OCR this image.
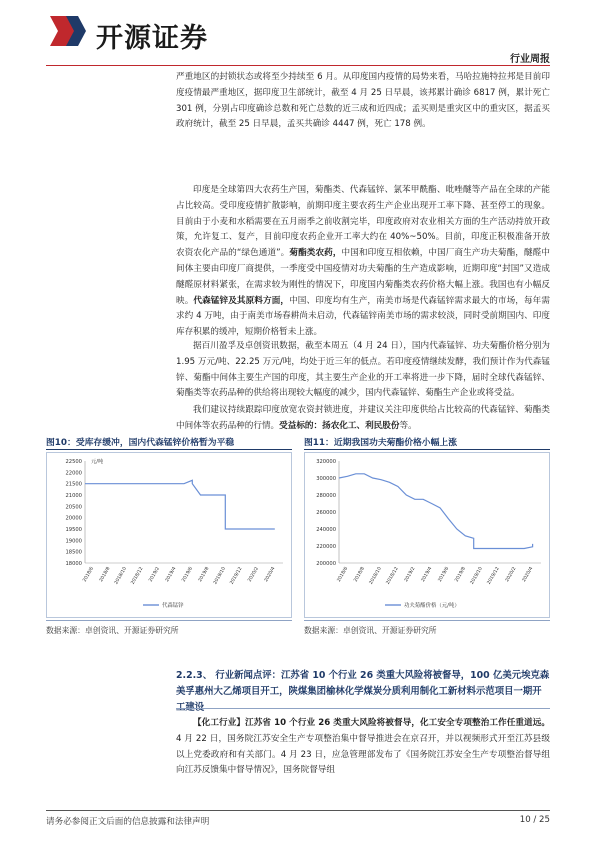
开源证券
行业周报

严重地区的封锁状态或将至少持续至 6 月。从印度国内疫情的局势来看，马哈拉施特拉邦是目前印度疫情最严重地区，据印度卫生部统计，截至 4 月 25 日早晨，该邦累计确诊 6817 例，累计死亡 301 例，分别占印度确诊总数和死亡总数的近三成和近四成；孟买则是重灾区中的重灾区，据孟买政府统计，截至 25 日早晨，孟买共确诊 4447 例，死亡 178 例。

印度是全球第四大农药生产国，菊酯类、代森锰锌、氯苯甲酰酯、吡唑醚等产品在全球的产能占比较高。受印度疫情扩散影响，前期印度主要农药生产企业出现开工率下降、甚至停工的现象。目前由于小麦和水稻需要在五月雨季之前收割完毕，印度政府对农业相关方面的生产活动持放开政策，允许复工、复产，目前印度农药企业开工率大约在 40%~50%。目前，印度正积极准备开放农资农化产品的“绿色通道”。菊酯类农药，中国和印度互相依赖，中国厂商生产功夫菊酯，醚醛中间体主要由印度厂商提供，一季度受中国疫情对功夫菊酯的生产造成影响，近期印度“封国”又造成醚醛原材料紧张，在需求较为刚性的情况下，印度国内菊酯类农药价格大幅上涨。我国也有小幅反映。代森锰锌及其原料方面，中国、印度均有生产，南美市场是代森锰锌需求最大的市场，每年需求约 4 万吨，由于南美市场春耕尚未启动，代森锰锌南美市场的需求较淡，同时受前期国内、印度库存积累的缓冲，短期价格暂未上涨。

据百川盈孚及卓创资讯数据，截至本周五（4 月 24 日），国内代森锰锌、功夫菊酯价格分别为 1.95 万元/吨、22.25 万元/吨，均处于近三年的低点。若印度疫情继续发酵，我们预计作为代森锰锌、菊酯中间体主要生产国的印度，其主要生产企业的开工率将进一步下降，届时全球代森锰锌、菊酯类等农药品种的供给将出现较大幅度的减少，国内代森锰锌、菊酯生产企业或将受益。

我们建议持续跟踪印度放宽农资封锁进度，并建议关注印度供给占比较高的代森锰锌、菊酯类中间体等农药品种的行情。受益标的：扬农化工、利民股份等。

图10：受库存缓冲，国内代森锰锌价格暂为平稳
18000
18500
19000
19500
20000
20500
21000
21500
22000
22500
2018/6 2018/8 2018/10 2018/12 2019/2 2019/4 2019/6 2019/8 2019/10 2019/12 2020/2 2020/4
元/吨
代森锰锌
数据来源：卓创资讯、开源证券研究所
图11：近期我国功夫菊酯价格小幅上涨
200000
220000
240000
260000
280000
300000
320000
2018/6 2018/8 2018/10 2018/12 2019/2 2019/4 2019/6 2019/8 2019/10 2019/12 2020/2 2020/4
功夫菊酯价格（元/吨）
数据来源：卓创资讯、开源证券研究所
2.2.3、 行业新闻点评：江苏省 10 个行业 26 类重大风险将被督导，100 亿美元埃克森美孚惠州大乙烯项目开工，陕煤集团榆林化学煤炭分质利用制化工新材料示范项目一期开工建设

【化工行业】江苏省 10 个行业 26 类重大风险将被督导，化工安全专项整治工作任重道远。4 月 22 日，国务院江苏安全生产专项整治集中督导推进会在京召开，并以视频形式开至江苏县级以上党委政府和有关部门。4 月 23 日，应急管理部发布了《国务院江苏安全生产专项整治督导组向江苏反馈集中督导情况》，国务院督导组

请务必参阅正文后面的信息披露和法律声明	10 / 25
